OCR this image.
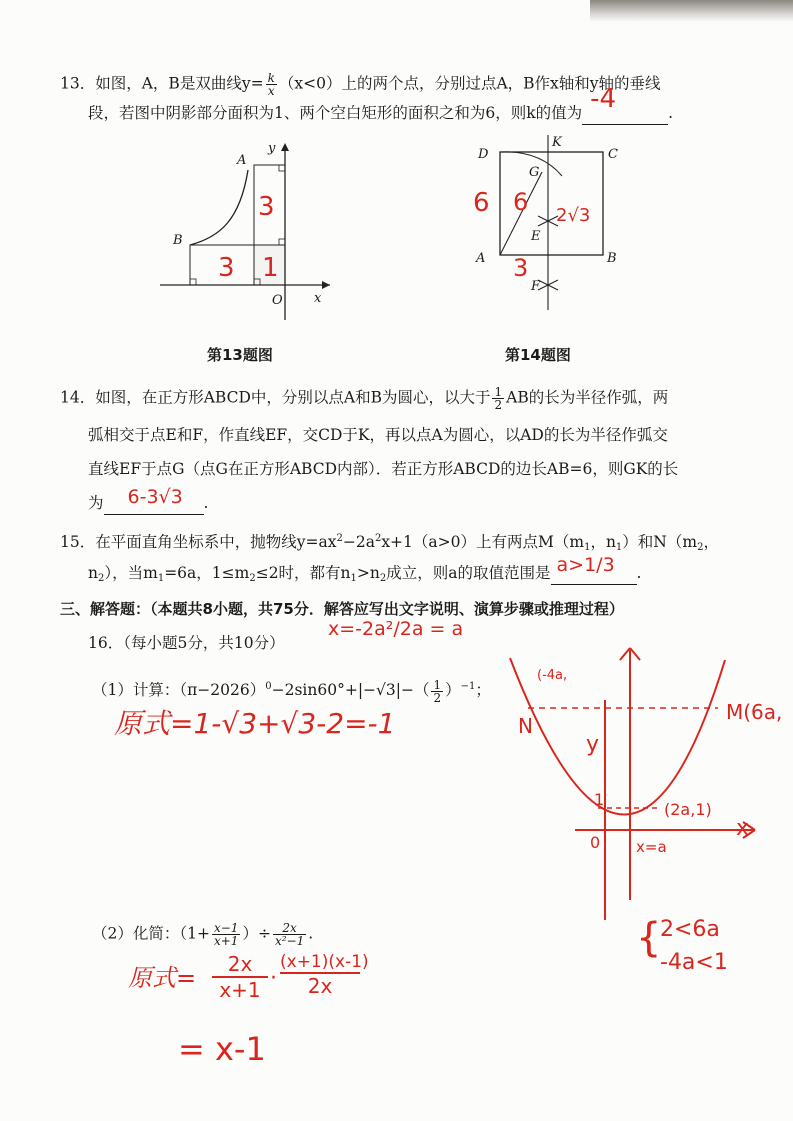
13．如图，A，B是双曲线$y= \frac{k}{x} (x<0)$上的两个点，分别过点A，B作x轴和y轴的垂线
段，若图中阴影部分面积为1、两个空白矩形的面积之和为6，则k的值为 -4	.
y
x
O
A
B
3
3 1
第13题图
D
K
C
G
E
A	B
F
6 6 2√3
3
第14题图
14．如图，在正方形ABCD中，分别以点A和B为圆心，以大于 $\frac{1}{2}$ AB的长为半径作弧，两
弧相交于点E和F，作直线EF，交CD于K，再以点A为圆心，以AD的长为半径作弧交
直线EF于点G（点G在正方形ABCD内部）．若正方形ABCD的边长AB=6，则GK的长
为 6-3√3 .
15．在平面直角坐标系中，抛物线$y=ax^2-2a^2x+1(a>0)$上有两点$M(m_1$，$n_1$）和$N(m_2$，
$n_2$），当$m_1=6a$，$1\le m_2\le 2$时，都有$n_1>n_2$成立，则a的取值范围是 a>1/3 .
三、解答题：（本题共8小题，共75分．解答应写出文字说明、演算步骤或推理过程）
16．（每小题5分，共10分）
x=-2a²/2a = a
（1）计算：$(\pi-2026)^0-2\sin 60^\circ+|-√3|-( \frac{1}{2} )^{-1}$；
原式=1-√3+√3-2=-1
(-4a,
N
M(6a,
y
x
0
1
(2a,1)
x=a
{
2<6a
-4a<1
（2）化简：（$1+ \frac{x-1}{x+1}$ ）÷ $\frac{2x}{\text{x²−1}}$ .
原式=	2x
x+1 ·
(x+1)(x-1)
2x
= x-1
